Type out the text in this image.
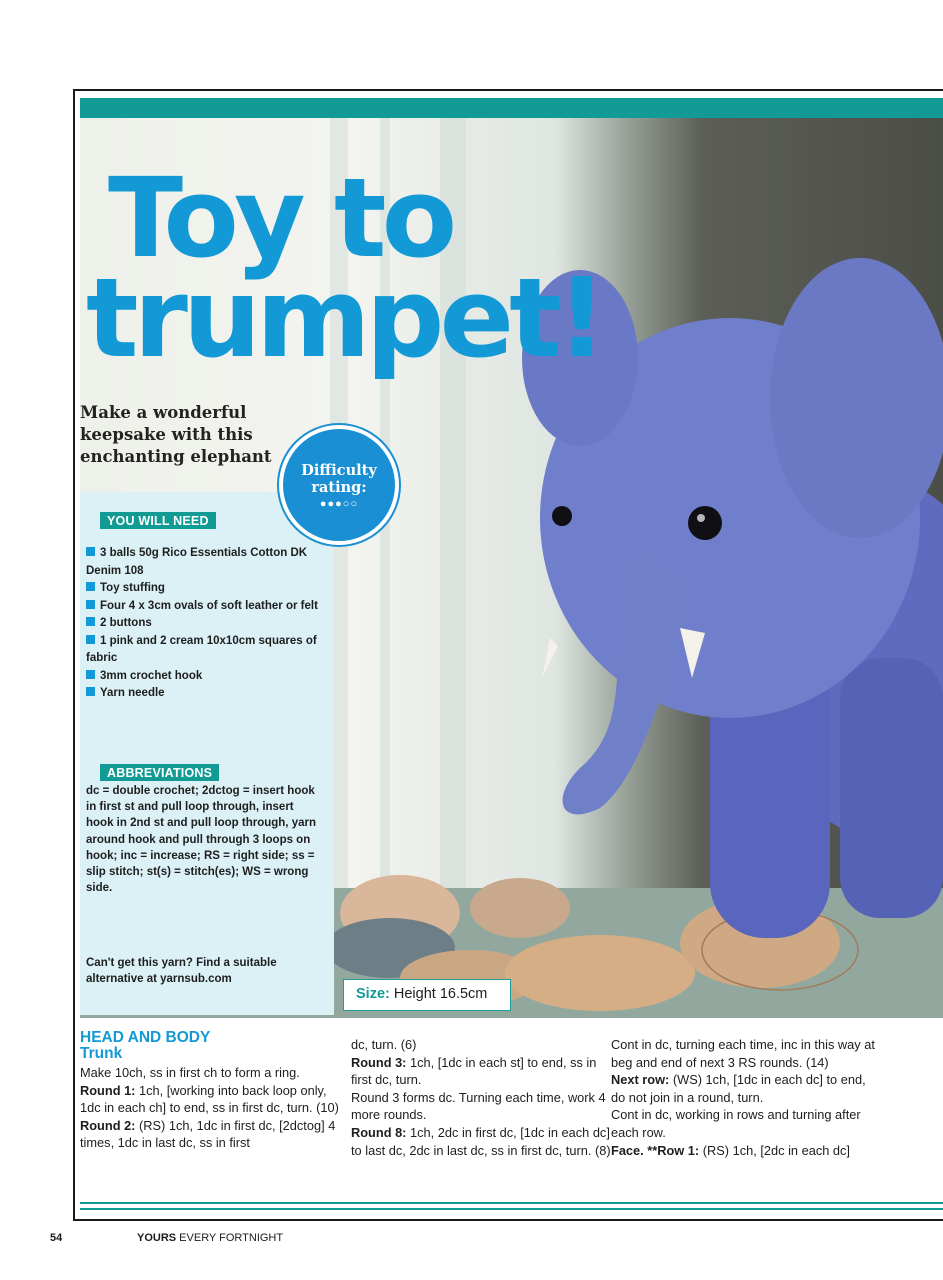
Toy to
trumpet!
Make a wonderful keepsake with this enchanting elephant
Difficulty rating:
●●●○○
YOU WILL NEED
3 balls 50g Rico Essentials Cotton DK Denim 108
Toy stuffing
Four 4 x 3cm ovals of soft leather or felt
2 buttons
1 pink and 2 cream 10x10cm squares of fabric
3mm crochet hook
Yarn needle
ABBREVIATIONS

dc = double crochet; 2dctog = insert hook in first st and pull loop through, insert hook in 2nd st and pull loop through, yarn around hook and pull through 3 loops on hook; inc = increase; RS = right side; ss = slip stitch; st(s) = stitch(es); WS = wrong side.

Can't get this yarn? Find a suitable alternative at yarnsub.com

Size: Height 16.5cm

HEAD AND BODY

Trunk

Make 10ch, ss in first ch to form a ring.

Round 1: 1ch, [working into back loop only, 1dc in each ch] to end, ss in first dc, turn. (10)

Round 2: (RS) 1ch, 1dc in first dc, [2dctog] 4 times, 1dc in last dc, ss in first

dc, turn. (6)

Round 3: 1ch, [1dc in each st] to end, ss in first dc, turn.

Round 3 forms dc. Turning each time, work 4 more rounds.

Round 8: 1ch, 2dc in first dc, [1dc in each dc] to last dc, 2dc in last dc, ss in first dc, turn. (8)

Cont in dc, turning each time, inc in this way at beg and end of next 3 RS rounds. (14)

Next row: (WS) 1ch, [1dc in each dc] to end, do not join in a round, turn.

Cont in dc, working in rows and turning after each row.

Face. **Row 1: (RS) 1ch, [2dc in each dc]

54	YOURS EVERY FORTNIGHT
